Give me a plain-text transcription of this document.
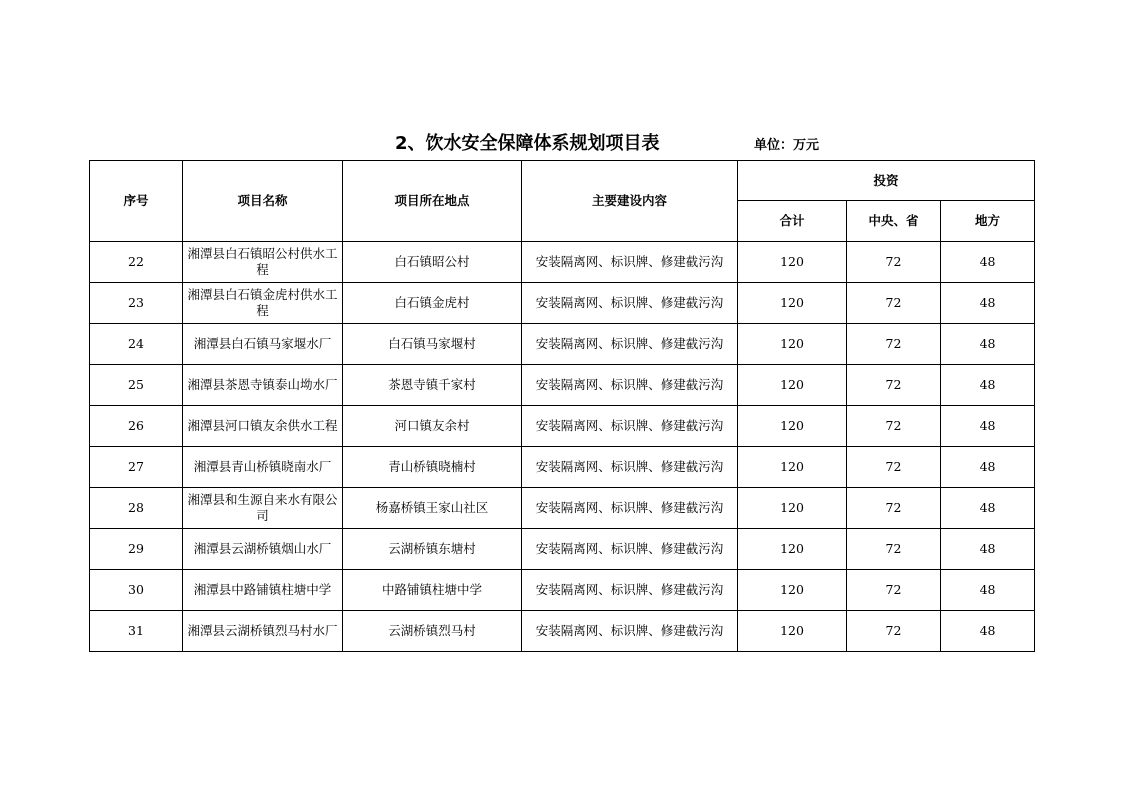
2、饮水安全保障体系规划项目表	单位：万元
序号	项目名称	项目所在地点	主要建设内容	投资		
				合计	中央、省	地方
22	湘潭县白石镇昭公村供水工程	白石镇昭公村	安装隔离网、标识牌、修建截污沟	120	72	48
23	湘潭县白石镇金虎村供水工程	白石镇金虎村	安装隔离网、标识牌、修建截污沟	120	72	48
24	湘潭县白石镇马家堰水厂	白石镇马家堰村	安装隔离网、标识牌、修建截污沟	120	72	48
25	湘潭县茶恩寺镇泰山坳水厂	茶恩寺镇千家村	安装隔离网、标识牌、修建截污沟	120	72	48
26	湘潭县河口镇友余供水工程	河口镇友余村	安装隔离网、标识牌、修建截污沟	120	72	48
27	湘潭县青山桥镇晓南水厂	青山桥镇晓楠村	安装隔离网、标识牌、修建截污沟	120	72	48
28	湘潭县和生源自来水有限公司	杨嘉桥镇王家山社区	安装隔离网、标识牌、修建截污沟	120	72	48
29	湘潭县云湖桥镇烟山水厂	云湖桥镇东塘村	安装隔离网、标识牌、修建截污沟	120	72	48
30	湘潭县中路铺镇柱塘中学	中路铺镇柱塘中学	安装隔离网、标识牌、修建截污沟	120	72	48
31	湘潭县云湖桥镇烈马村水厂	云湖桥镇烈马村	安装隔离网、标识牌、修建截污沟	120	72	48
